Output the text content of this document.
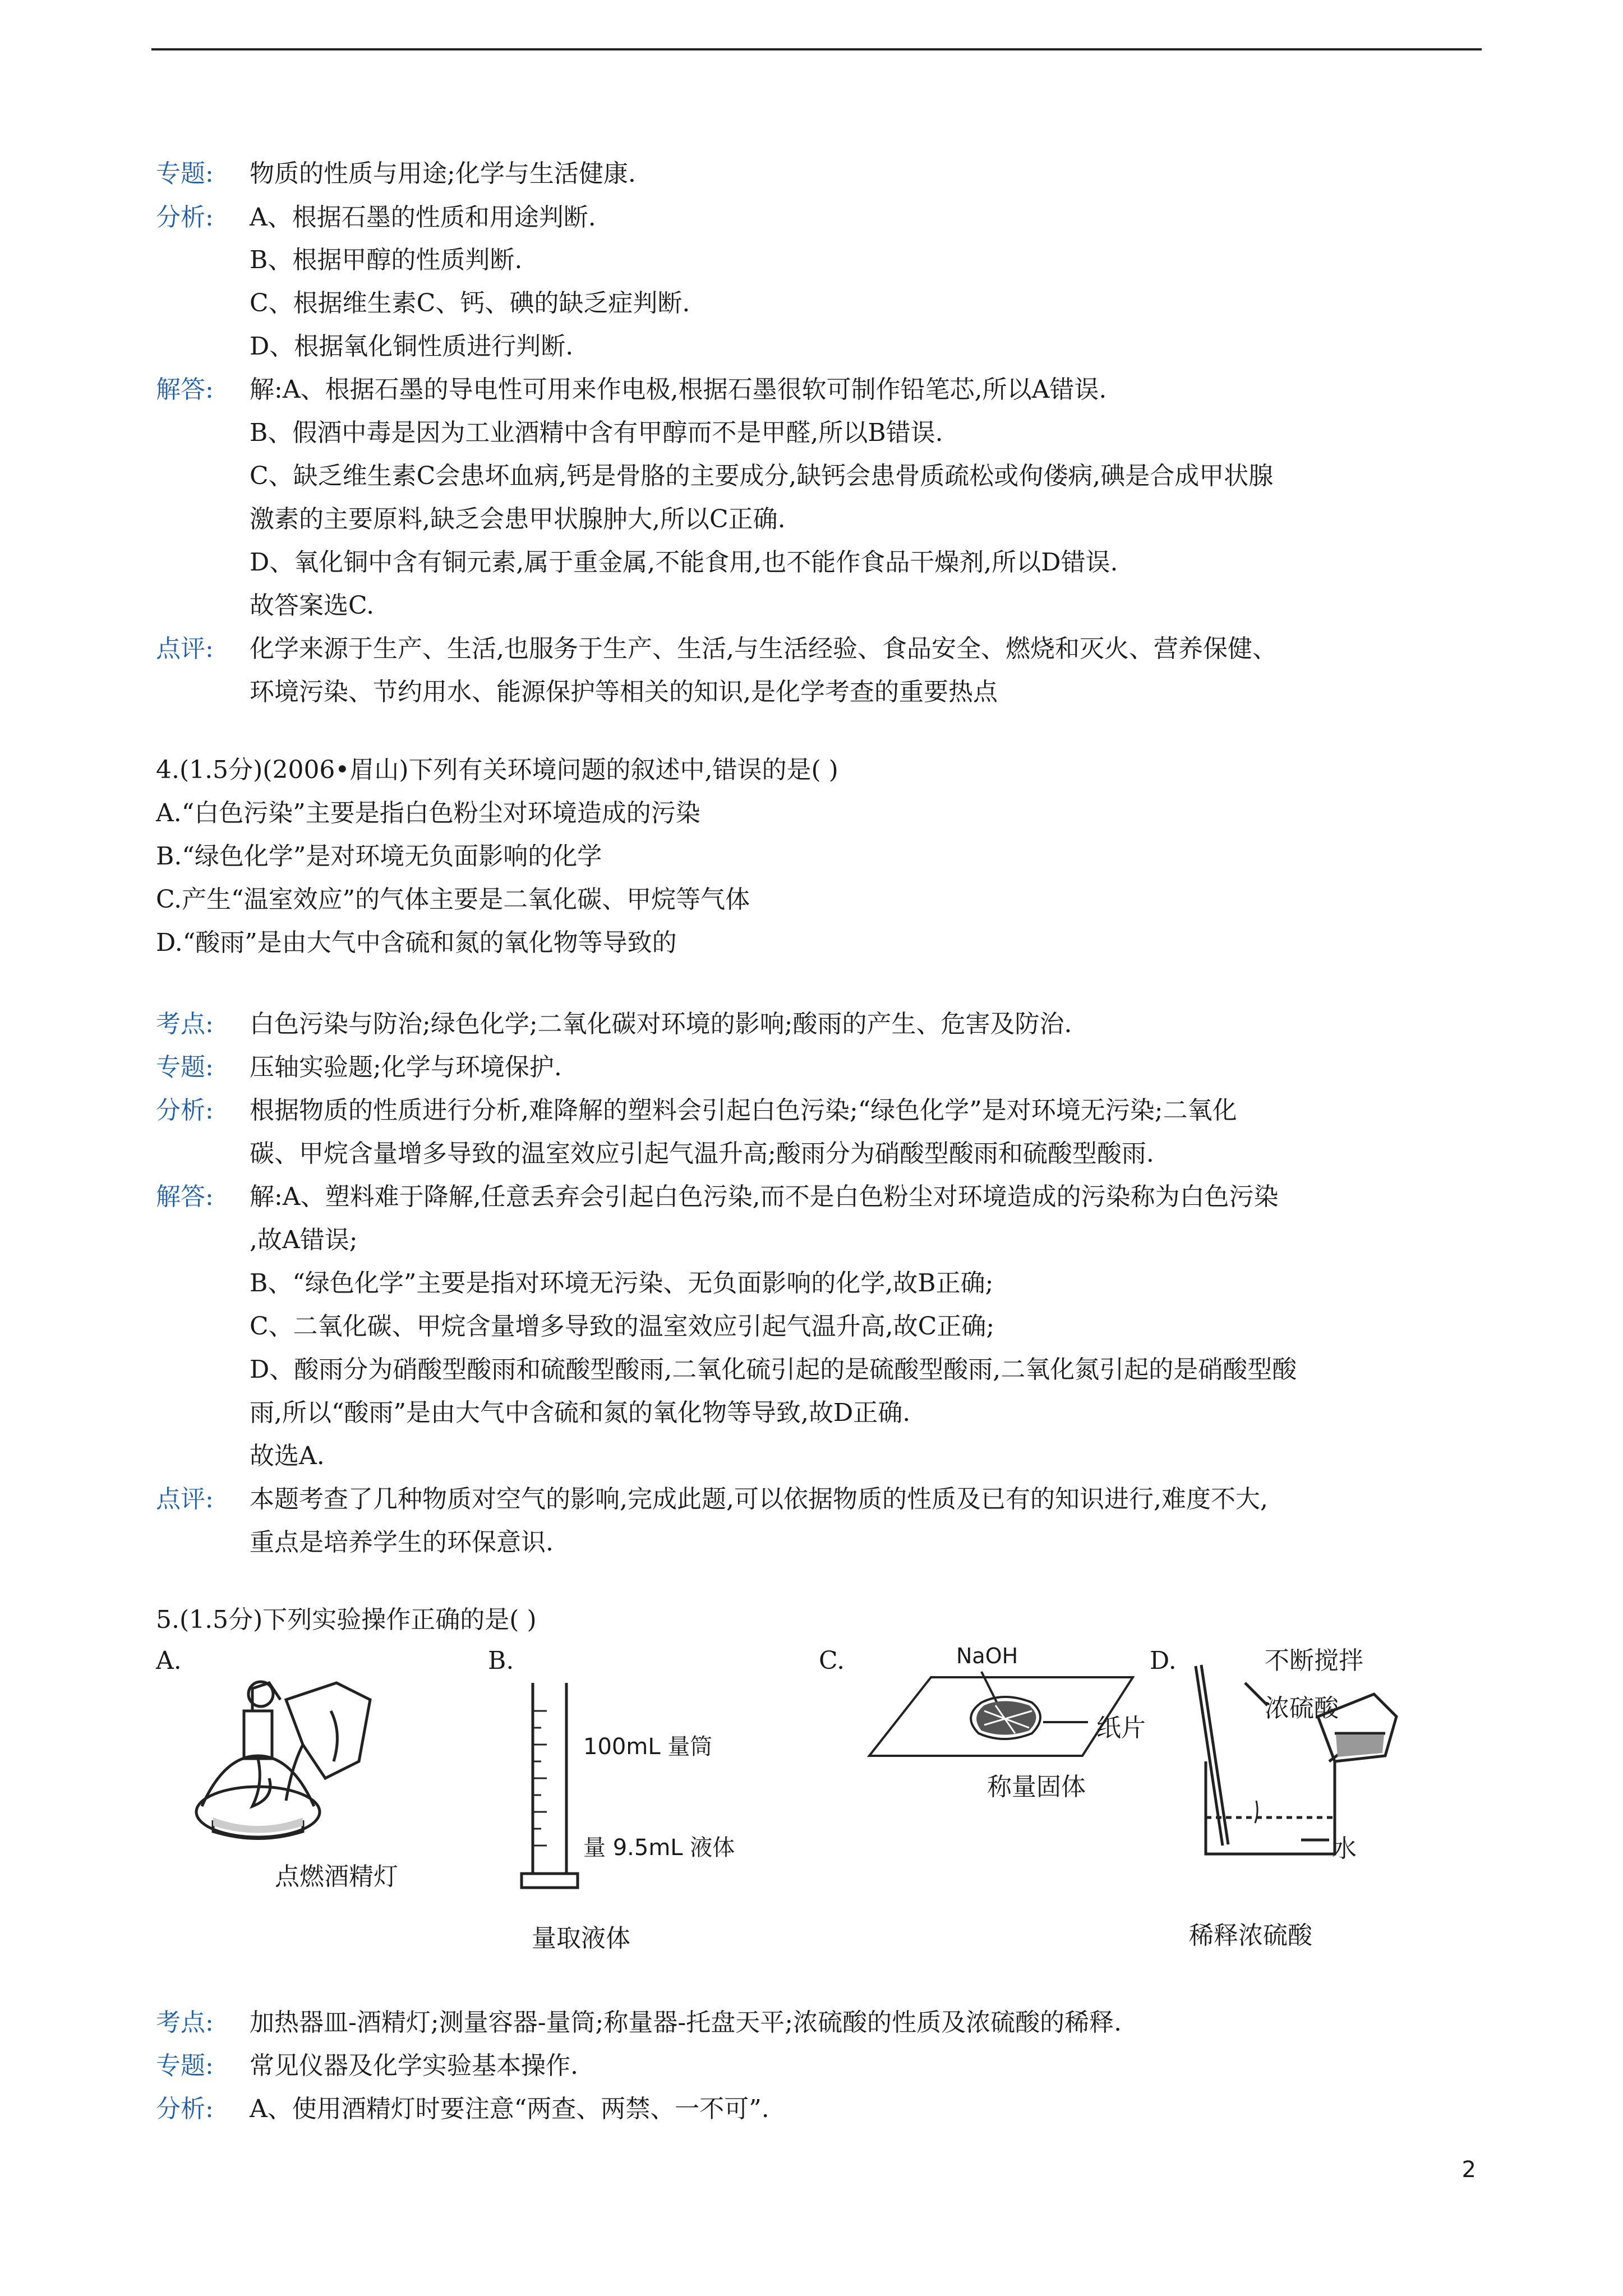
专题: 物质的性质与用途;化学与生活健康.
分析: A、根据石墨的性质和用途判断.
B、根据甲醇的性质判断.
C、根据维生素C、钙、碘的缺乏症判断.
D、根据氧化铜性质进行判断.
解答: 解:A、根据石墨的导电性可用来作电极,根据石墨很软可制作铅笔芯,所以A错误.
B、假酒中毒是因为工业酒精中含有甲醇而不是甲醛,所以B错误.
C、缺乏维生素C会患坏血病,钙是骨胳的主要成分,缺钙会患骨质疏松或佝偻病,碘是合成甲状腺
激素的主要原料,缺乏会患甲状腺肿大,所以C正确.
D、氧化铜中含有铜元素,属于重金属,不能食用,也不能作食品干燥剂,所以D错误.
故答案选C.
点评: 化学来源于生产、生活,也服务于生产、生活,与生活经验、食品安全、燃烧和灭火、营养保健、
环境污染、节约用水、能源保护等相关的知识,是化学考查的重要热点
4.(1.5分)(2006•眉山)下列有关环境问题的叙述中,错误的是( )
A.“白色污染”主要是指白色粉尘对环境造成的污染
B.“绿色化学”是对环境无负面影响的化学
C.产生“温室效应”的气体主要是二氧化碳、甲烷等气体
D.“酸雨”是由大气中含硫和氮的氧化物等导致的
考点: 白色污染与防治;绿色化学;二氧化碳对环境的影响;酸雨的产生、危害及防治.
专题: 压轴实验题;化学与环境保护.
分析: 根据物质的性质进行分析,难降解的塑料会引起白色污染;“绿色化学”是对环境无污染;二氧化
碳、甲烷含量增多导致的温室效应引起气温升高;酸雨分为硝酸型酸雨和硫酸型酸雨.
解答: 解:A、塑料难于降解,任意丢弃会引起白色污染,而不是白色粉尘对环境造成的污染称为白色污染
,故A错误;
B、“绿色化学”主要是指对环境无污染、无负面影响的化学,故B正确;
C、二氧化碳、甲烷含量增多导致的温室效应引起气温升高,故C正确;
D、酸雨分为硝酸型酸雨和硫酸型酸雨,二氧化硫引起的是硫酸型酸雨,二氧化氮引起的是硝酸型酸
雨,所以“酸雨”是由大气中含硫和氮的氧化物等导致,故D正确.
故选A.
点评: 本题考查了几种物质对空气的影响,完成此题,可以依据物质的性质及已有的知识进行,难度不大,
重点是培养学生的环保意识.
5.(1.5分)下列实验操作正确的是( )
A.
点燃酒精灯
B.
100mL 量筒
量 9.5mL 液体
量取液体
C.	NaOH
纸片
称量固体
D.	不断搅拌
浓硫酸
水
稀释浓硫酸
考点: 加热器皿-酒精灯;测量容器-量筒;称量器-托盘天平;浓硫酸的性质及浓硫酸的稀释.
专题: 常见仪器及化学实验基本操作.
分析: A、使用酒精灯时要注意“两查、两禁、一不可”.
2
